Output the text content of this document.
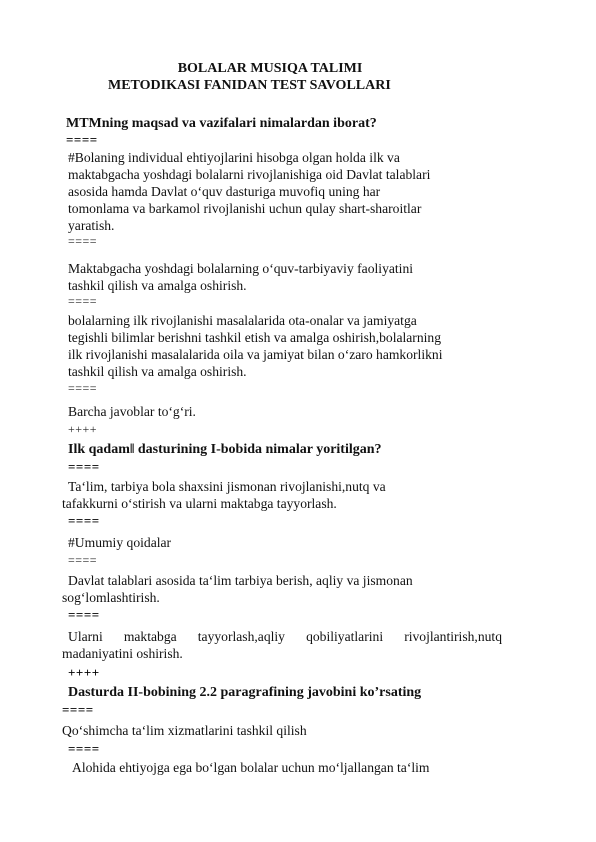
BOLALAR MUSIQA TALIMI
METODIKASI FANIDAN TEST SAVOLLARI
MTMning maqsad va vazifalari nimalardan iborat?
====
#Bolaning individual ehtiyojlarini hisobga olgan holda ilk va
maktabgacha yoshdagi bolalarni rivojlanishiga oid Davlat talablari
asosida hamda Davlat o‘quv dasturiga muvofiq uning har
tomonlama va barkamol rivojlanishi uchun qulay shart-sharoitlar
yaratish.
====
Maktabgacha yoshdagi bolalarning o‘quv-tarbiyaviy faoliyatini
tashkil qilish va amalga oshirish.
====
bolalarning ilk rivojlanishi masalalarida ota-onalar va jamiyatga
tegishli bilimlar berishni tashkil etish va amalga oshirish,bolalarning
ilk rivojlanishi masalalarida oila va jamiyat bilan o‘zaro hamkorlikni
tashkil qilish va amalga oshirish.
====
Barcha javoblar to‘g‘ri.
++++
Ilk qadam‖ dasturining I-bobida nimalar yoritilgan?
====
Ta‘lim, tarbiya bola shaxsini jismonan rivojlanishi,nutq va
tafakkurni o‘stirish va ularni maktabga tayyorlash.
====
#Umumiy qoidalar
====
Davlat talablari asosida ta‘lim tarbiya berish, aqliy va jismonan
sog‘lomlashtirish.
====
Ularni maktabga tayyorlash,aqliy qobiliyatlarini rivojlantirish,nutq
madaniyatini oshirish.
++++
Dasturda II-bobining 2.2 paragrafining javobini ko’rsating
====
Qo‘shimcha ta‘lim xizmatlarini tashkil qilish
====
Alohida ehtiyojga ega bo‘lgan bolalar uchun mo‘ljallangan ta‘lim
